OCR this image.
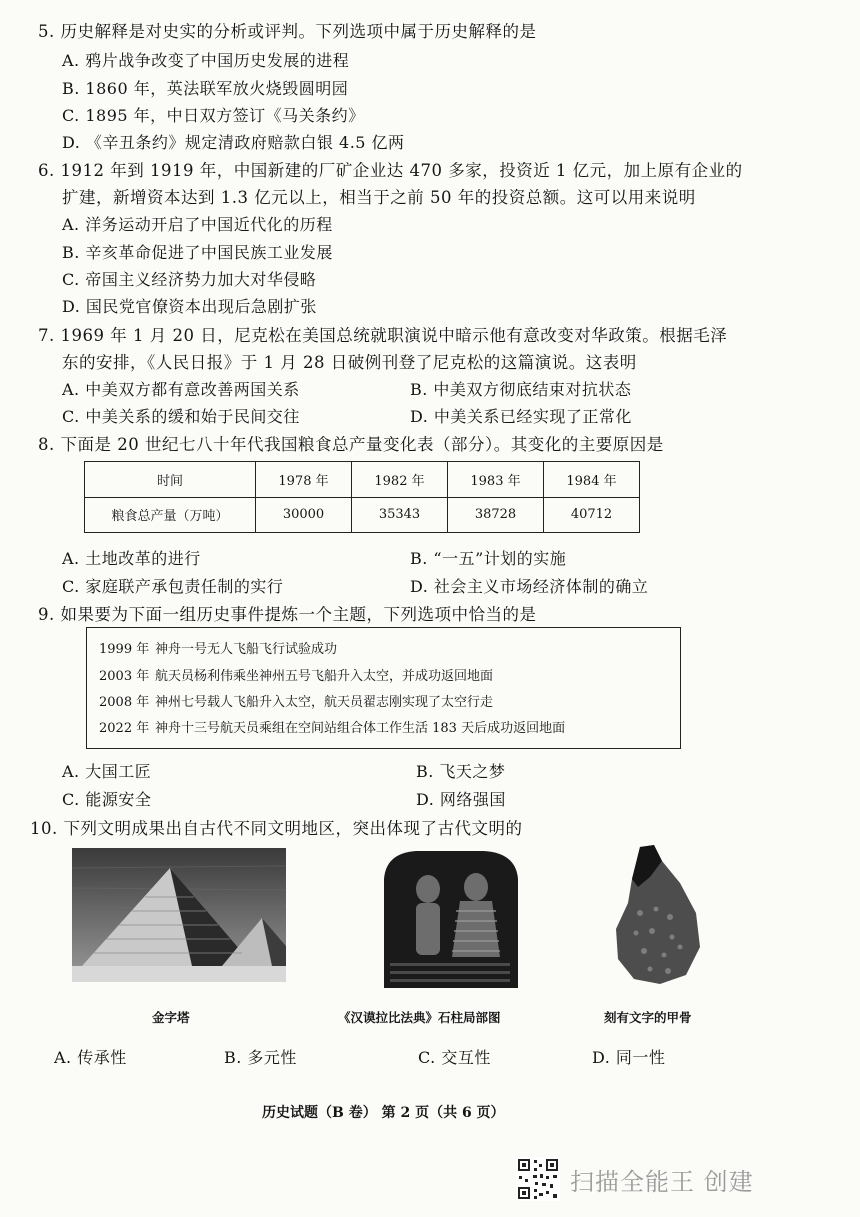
5. 历史解释是对史实的分析或评判。下列选项中属于历史解释的是
A. 鸦片战争改变了中国历史发展的进程
B. 1860 年，英法联军放火烧毁圆明园
C. 1895 年，中日双方签订《马关条约》
D. 《辛丑条约》规定清政府赔款白银 4.5 亿两
6. 1912 年到 1919 年，中国新建的厂矿企业达 470 多家，投资近 1 亿元，加上原有企业的
扩建，新增资本达到 1.3 亿元以上，相当于之前 50 年的投资总额。这可以用来说明
A. 洋务运动开启了中国近代化的历程
B. 辛亥革命促进了中国民族工业发展
C. 帝国主义经济势力加大对华侵略
D. 国民党官僚资本出现后急剧扩张
7. 1969 年 1 月 20 日，尼克松在美国总统就职演说中暗示他有意改变对华政策。根据毛泽
东的安排，《人民日报》于 1 月 28 日破例刊登了尼克松的这篇演说。这表明
A. 中美双方都有意改善两国关系	B. 中美双方彻底结束对抗状态
C. 中美关系的缓和始于民间交往	D. 中美关系已经实现了正常化
8. 下面是 20 世纪七八十年代我国粮食总产量变化表（部分）。其变化的主要原因是
时间	1978 年	1982 年	1983 年	1984 年
粮食总产量（万吨）	30000	35343	38728	40712
A. 土地改革的进行	B. “一五”计划的实施
C. 家庭联产承包责任制的实行	D. 社会主义市场经济体制的确立
9. 如果要为下面一组历史事件提炼一个主题，下列选项中恰当的是
1999 年 神舟一号无人飞船飞行试验成功
2003 年 航天员杨利伟乘坐神州五号飞船升入太空，并成功返回地面
2008 年 神州七号载人飞船升入太空，航天员翟志刚实现了太空行走
2022 年 神舟十三号航天员乘组在空间站组合体工作生活 183 天后成功返回地面
A. 大国工匠	B. 飞天之梦
C. 能源安全	D. 网络强国
10. 下列文明成果出自古代不同文明地区，突出体现了古代文明的
金字塔	《汉谟拉比法典》石柱局部图	刻有文字的甲骨
A. 传承性	B. 多元性	C. 交互性	D. 同一性
历史试题（B 卷） 第 2 页（共 6 页）
扫描全能王 创建
